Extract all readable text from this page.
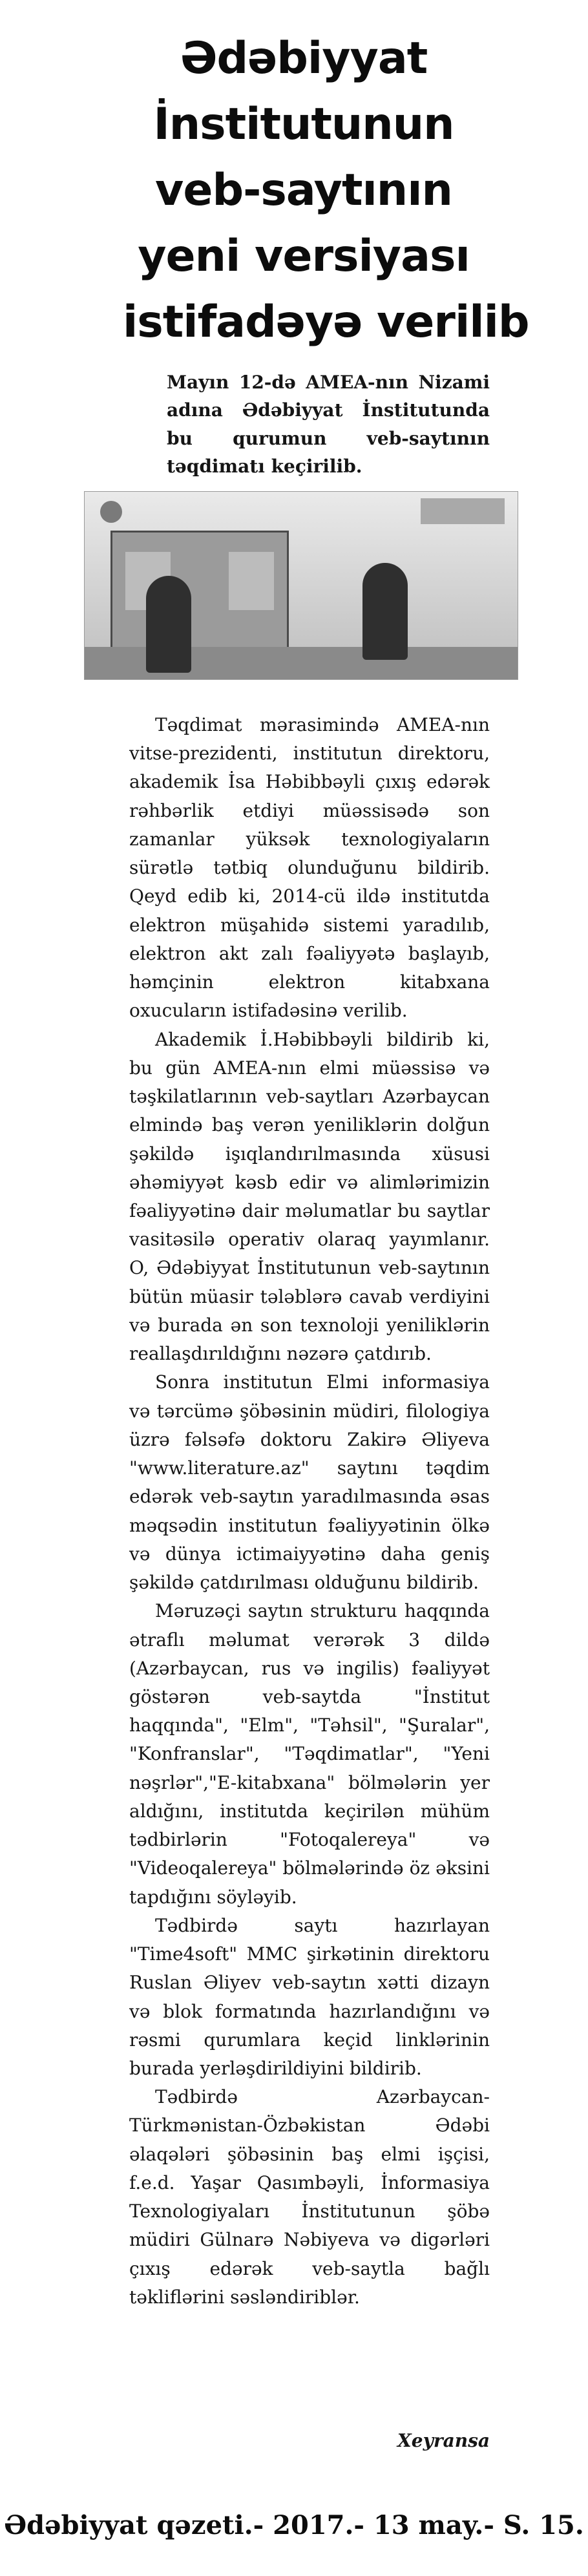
Ədəbiyyat
İnstitutunun
veb-saytının
yeni versiyası
istifadəyə verilib
Mayın 12-də AMEA-nın Nizami adına Ədəbiyyat İnstitutunda bu qurumun veb-saytının təqdimatı keçirilib.

Təqdimat mərasimində AMEA-nın vitse-prezidenti, institutun direktoru, akademik İsa Həbibbəyli çıxış edərək rəhbərlik etdiyi müəssisədə son zamanlar yüksək texnologiyaların sürətlə tətbiq olunduğunu bildirib. Qeyd edib ki, 2014-cü ildə institutda elektron müşahidə sistemi yaradılıb, elektron akt zalı fəaliyyətə başlayıb, həmçinin elektron kitabxana oxucuların istifadəsinə verilib.

Akademik İ.Həbibbəyli bildirib ki, bu gün AMEA-nın elmi müəssisə və təşkilatlarının veb-saytları Azərbaycan elmində baş verən yeniliklərin dolğun şəkildə işıqlandırılmasında xüsusi əhəmiyyət kəsb edir və alimlərimizin fəaliyyətinə dair məlumatlar bu saytlar vasitəsilə operativ olaraq yayımlanır. O, Ədəbiyyat İnstitutunun veb-saytının bütün müasir tələblərə cavab verdiyini və burada ən son texnoloji yeniliklərin reallaşdırıldığını nəzərə çatdırıb.

Sonra institutun Elmi informasiya və tərcümə şöbəsinin müdiri, filologiya üzrə fəlsəfə doktoru Zakirə Əliyeva "www.literature.az" saytını təqdim edərək veb-saytın yaradılmasında əsas məqsədin institutun fəaliyyətinin ölkə və dünya ictimaiyyətinə daha geniş şəkildə çatdırılması olduğunu bildirib.

Məruzəçi saytın strukturu haqqında ətraflı məlumat verərək 3 dildə (Azərbaycan, rus və ingilis) fəaliyyət göstərən veb-saytda "İnstitut haqqında", "Elm", "Təhsil", "Şuralar", "Konfranslar", "Təqdimatlar", "Yeni nəşrlər","E-kitabxana" bölmələrin yer aldığını, institutda keçirilən mühüm tədbirlərin "Fotoqalereya" və "Videoqalereya" bölmələrində öz əksini tapdığını söyləyib.

Tədbirdə saytı hazırlayan "Time4soft" MMC şirkətinin direktoru Ruslan Əliyev veb-saytın xətti dizayn və blok formatında hazırlandığını və rəsmi qurumlara keçid linklərinin burada yerləşdirildiyini bildirib.

Tədbirdə Azərbaycan-Türkmənistan-Özbəkistan Ədəbi əlaqələri şöbəsinin baş elmi işçisi, f.e.d. Yaşar Qasımbəyli, İnformasiya Texnologiyaları İnstitutunun şöbə müdiri Gülnarə Nəbiyeva və digərləri çıxış edərək veb-saytla bağlı təkliflərini səsləndiriblər.

Xeyransa
Ədəbiyyat qəzeti.- 2017.- 13 may.- S. 15.
